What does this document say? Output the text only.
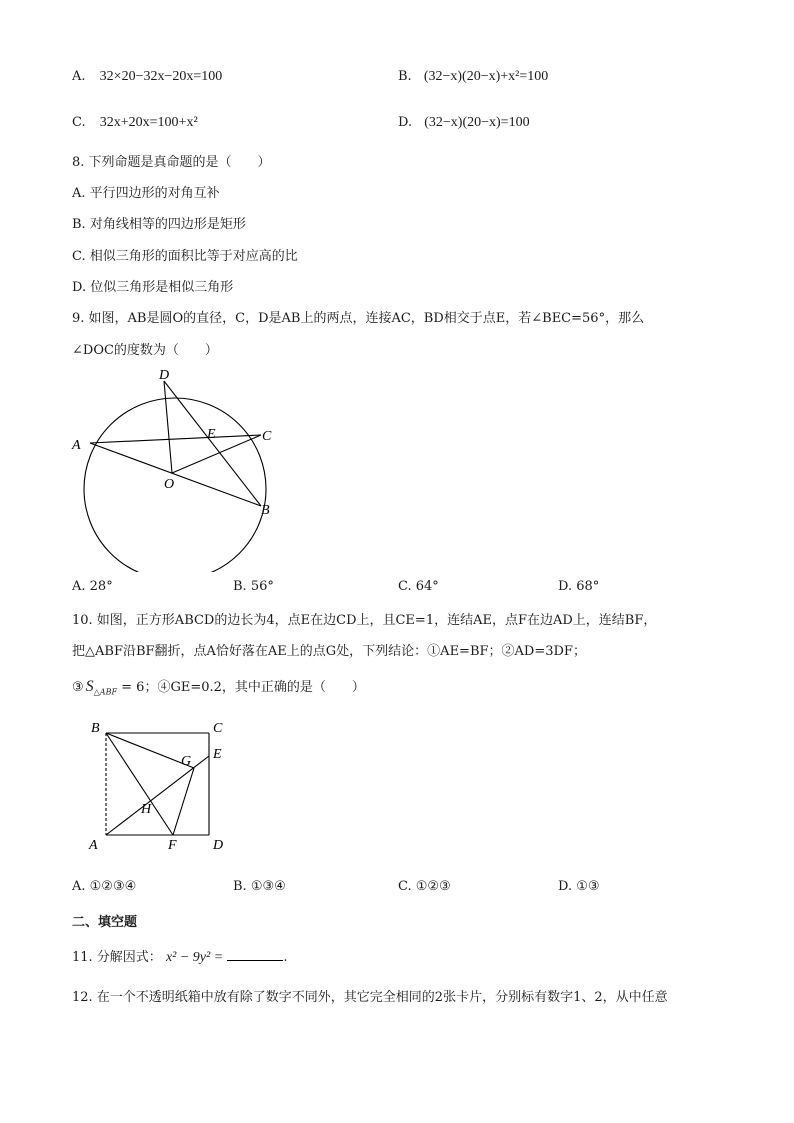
A. 32×20−32x−20x=100	B. (32−x)(20−x)+x²=100
C. 32x+20x=100+x²	D. (32−x)(20−x)=100
8. 下列命题是真命题的是（　　）
A. 平行四边形的对角互补
B. 对角线相等的四边形是矩形
C. 相似三角形的面积比等于对应高的比
D. 位似三角形是相似三角形
9. 如图，AB是圆O的直径，C，D是AB上的两点，连接AC，BD相交于点E，若∠BEC=56°，那么
∠DOC的度数为（　　）
D
E	C
A
O
B
A. 28°	B. 56°	C. 64°	D. 68°
10. 如图，正方形ABCD的边长为4，点E在边CD上，且CE=1，连结AE，点F在边AD上，连结BF，
把△ABF沿BF翻折，点A恰好落在AE上的点G处，下列结论：①AE=BF；②AD=3DF；
③ $S_{\triangle ABF} = 6$；④GE=0.2，其中正确的是（　　）
B	C
E
G
H
A	F	D
A. ①②③④	B. ①③④	C. ①②③	D. ①③
二、填空题
11. 分解因式： x² − 9y² =	.
12. 在一个不透明纸箱中放有除了数字不同外，其它完全相同的2张卡片，分别标有数字1、2，从中任意
